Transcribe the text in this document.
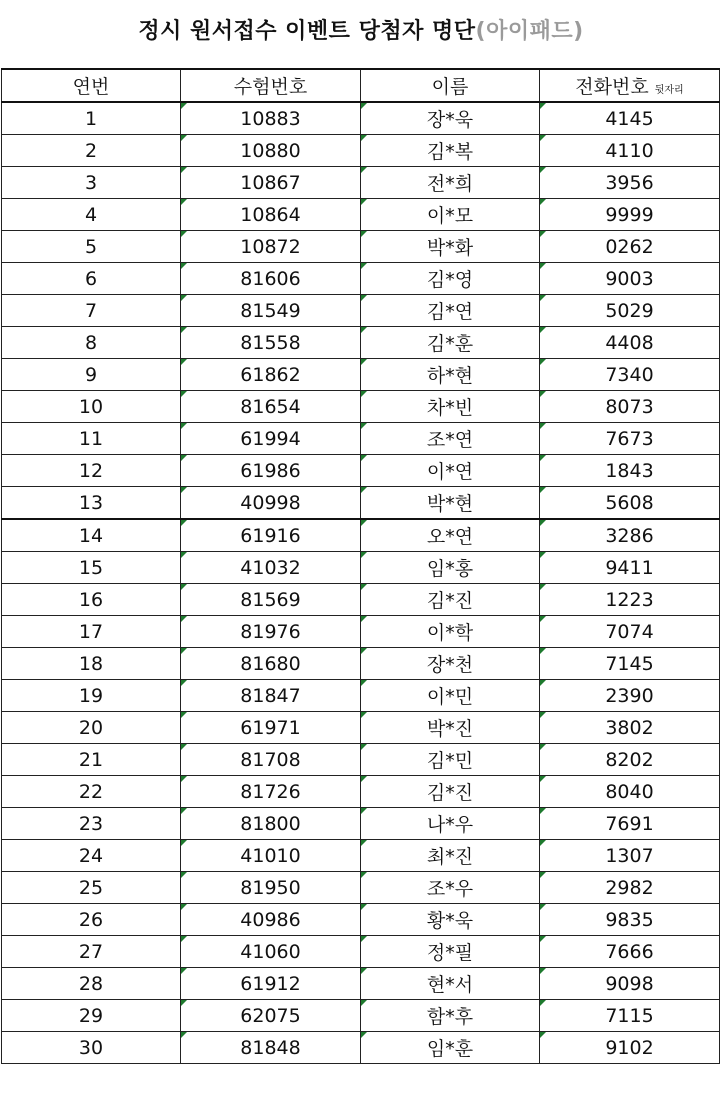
정시 원서접수 이벤트 당첨자 명단(아이패드)
연번	수험번호	이름	전화번호 뒷자리
1	10883	장*욱	4145
2	10880	김*복	4110
3	10867	전*희	3956
4	10864	이*모	9999
5	10872	박*화	0262
6	81606	김*영	9003
7	81549	김*연	5029
8	81558	김*훈	4408
9	61862	하*현	7340
10	81654	차*빈	8073
11	61994	조*연	7673
12	61986	이*연	1843
13	40998	박*현	5608
14	61916	오*연	3286
15	41032	임*홍	9411
16	81569	김*진	1223
17	81976	이*학	7074
18	81680	장*천	7145
19	81847	이*민	2390
20	61971	박*진	3802
21	81708	김*민	8202
22	81726	김*진	8040
23	81800	나*우	7691
24	41010	최*진	1307
25	81950	조*우	2982
26	40986	황*욱	9835
27	41060	정*필	7666
28	61912	현*서	9098
29	62075	함*후	7115
30	81848	임*훈	9102
